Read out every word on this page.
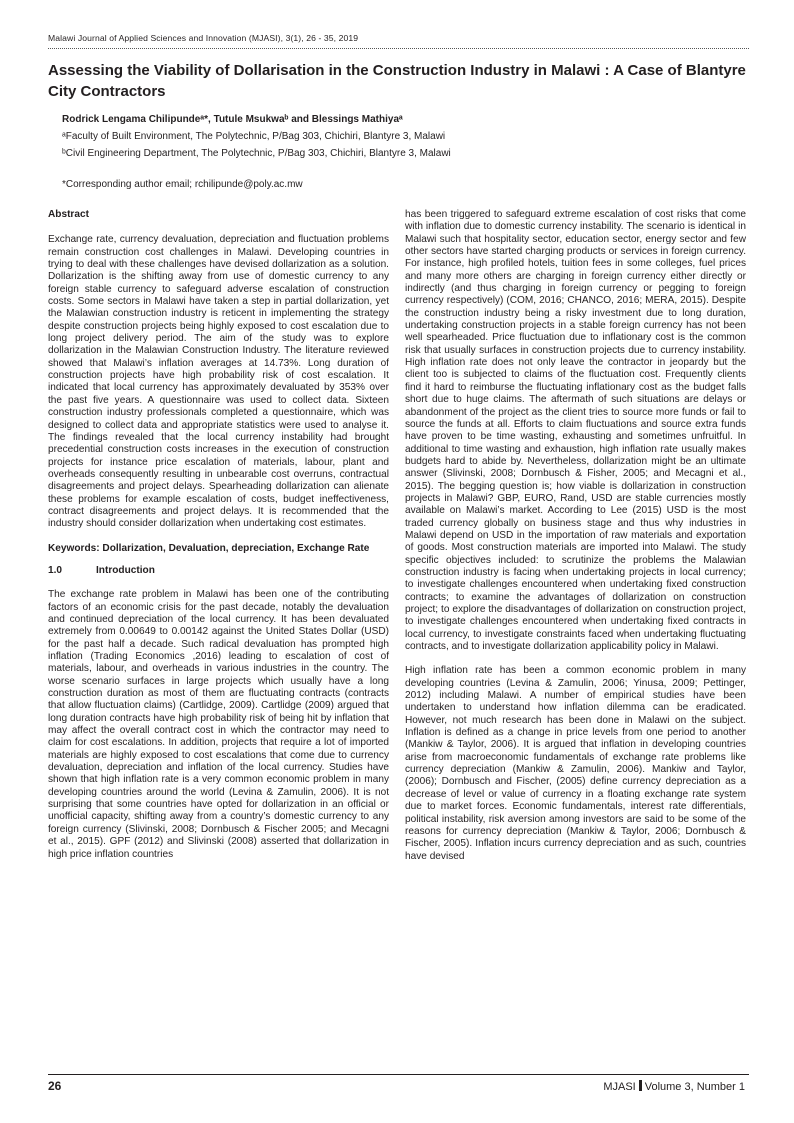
Malawi Journal of Applied Sciences and Innovation (MJASI), 3(1), 26 - 35, 2019
Assessing the Viability of Dollarisation in the Construction Industry in Malawi : A Case of Blantyre City Contractors
Rodrick Lengama Chilipundeᵃ*, Tutule Msukwaᵇ and Blessings Mathiyaᵃ
ᵃFaculty of Built Environment, The Polytechnic, P/Bag 303, Chichiri, Blantyre 3, Malawi
ᵇCivil Engineering Department, The Polytechnic, P/Bag 303, Chichiri, Blantyre 3, Malawi
*Corresponding author email; rchilipunde@poly.ac.mw
Abstract

Exchange rate, currency devaluation, depreciation and fluctuation problems remain construction cost challenges in Malawi. Developing countries in trying to deal with these challenges have devised dollarization as a solution. Dollarization is the shifting away from use of domestic currency to any foreign stable currency to safeguard adverse escalation of construction costs. Some sectors in Malawi have taken a step in partial dollarization, yet the Malawian construction industry is reticent in implementing the strategy despite construction projects being highly exposed to cost escalation due to long project delivery period. The aim of the study was to explore dollarization in the Malawian Construction Industry. The literature reviewed showed that Malawi’s inflation averages at 14.73%. Long duration of construction projects have high probability risk of cost escalation. It indicated that local currency has approximately devaluated by 353% over the past five years. A questionnaire was used to collect data. Sixteen construction industry professionals completed a questionnaire, which was designed to collect data and appropriate statistics were used to analyse it. The findings revealed that the local currency instability had brought precedential construction costs increases in the execution of construction projects for instance price escalation of materials, labour, plant and overheads consequently resulting in unbearable cost overruns, contractual disagreements and project delays. Spearheading dollarization can alienate these problems for example escalation of costs, budget ineffectiveness, contract disagreements and project delays. It is recommended that the industry should consider dollarization when undertaking cost estimates.

Keywords: Dollarization, Devaluation, depreciation, Exchange Rate
1.0	Introduction

The exchange rate problem in Malawi has been one of the contributing factors of an economic crisis for the past decade, notably the devaluation and continued depreciation of the local currency. It has been devaluated extremely from 0.00649 to 0.00142 against the United States Dollar (USD) for the past half a decade. Such radical devaluation has prompted high inflation (Trading Economics ,2016) leading to escalation of cost of materials, labour, and overheads in various industries in the country. The worse scenario surfaces in large projects which usually have a long construction duration as most of them are fluctuating contracts (contracts that allow fluctuation claims) (Cartlidge, 2009). Cartlidge (2009) argued that long duration contracts have high probability risk of being hit by inflation that may affect the overall contract cost in which the contractor may need to claim for cost escalations. In addition, projects that require a lot of imported materials are highly exposed to cost escalations that come due to currency devaluation, depreciation and inflation of the local currency. Studies have shown that high inflation rate is a very common economic problem in many developing countries around the world (Levina & Zamulin, 2006). It is not surprising that some countries have opted for dollarization in an official or unofficial capacity, shifting away from a country’s domestic currency to any foreign currency (Slivinski, 2008; Dornbusch & Fischer 2005; and Mecagni et al., 2015). GPF (2012) and Slivinski (2008) asserted that dollarization in high price inflation countries

has been triggered to safeguard extreme escalation of cost risks that come with inflation due to domestic currency instability. The scenario is identical in Malawi such that hospitality sector, education sector, energy sector and few other sectors have started charging products or services in foreign currency. For instance, high profiled hotels, tuition fees in some colleges, fuel prices and many more others are charging in foreign currency either directly or indirectly (and thus charging in foreign currency or pegging to foreign currency respectively) (COM, 2016; CHANCO, 2016; MERA, 2015). Despite the construction industry being a risky investment due to long duration, undertaking construction projects in a stable foreign currency has not been well spearheaded. Price fluctuation due to inflationary cost is the common risk that usually surfaces in construction projects due to currency instability. High inflation rate does not only leave the contractor in jeopardy but the client too is subjected to claims of the fluctuation cost. Frequently clients find it hard to reimburse the fluctuating inflationary cost as the budget falls short due to huge claims. The aftermath of such situations are delays or abandonment of the project as the client tries to source more funds or fail to source the funds at all. Efforts to claim fluctuations and source extra funds have proven to be time wasting, exhausting and sometimes unfruitful. In additional to time wasting and exhaustion, high inflation rate usually makes budgets hard to abide by. Nevertheless, dollarization might be an ultimate answer (Slivinski, 2008; Dornbusch & Fisher, 2005; and Mecagni et al., 2015). The begging question is; how viable is dollarization in construction projects in Malawi? GBP, EURO, Rand, USD are stable currencies mostly available on Malawi’s market. According to Lee (2015) USD is the most traded currency globally on business stage and thus why industries in Malawi depend on USD in the importation of raw materials and exportation of goods. Most construction materials are imported into Malawi. The study specific objectives included: to scrutinize the problems the Malawian construction industry is facing when undertaking projects in local currency; to investigate challenges encountered when undertaking fixed construction contracts; to examine the advantages of dollarization on construction project; to explore the disadvantages of dollarization on construction project, to investigate challenges encountered when undertaking fixed contracts in local currency, to investigate constraints faced when undertaking fluctuating contracts, and to investigate dollarization applicability policy in Malawi.

High inflation rate has been a common economic problem in many developing countries (Levina & Zamulin, 2006; Yinusa, 2009; Pettinger, 2012) including Malawi. A number of empirical studies have been undertaken to understand how inflation dilemma can be eradicated. However, not much research has been done in Malawi on the subject. Inflation is defined as a change in price levels from one period to another (Mankiw & Taylor, 2006). It is argued that inflation in developing countries arise from macroeconomic fundamentals of exchange rate problems like currency depreciation (Mankiw & Zamulin, 2006). Mankiw and Taylor, (2006); Dornbusch and Fischer, (2005) define currency depreciation as a decrease of level or value of currency in a floating exchange rate system due to market forces. Economic fundamentals, interest rate differentials, political instability, risk aversion among investors are said to be some of the reasons for currency depreciation (Mankiw & Taylor, 2006; Dornbusch & Fischer, 2005). Inflation incurs currency depreciation and as such, countries have devised

26	MJASI Volume 3, Number 1
